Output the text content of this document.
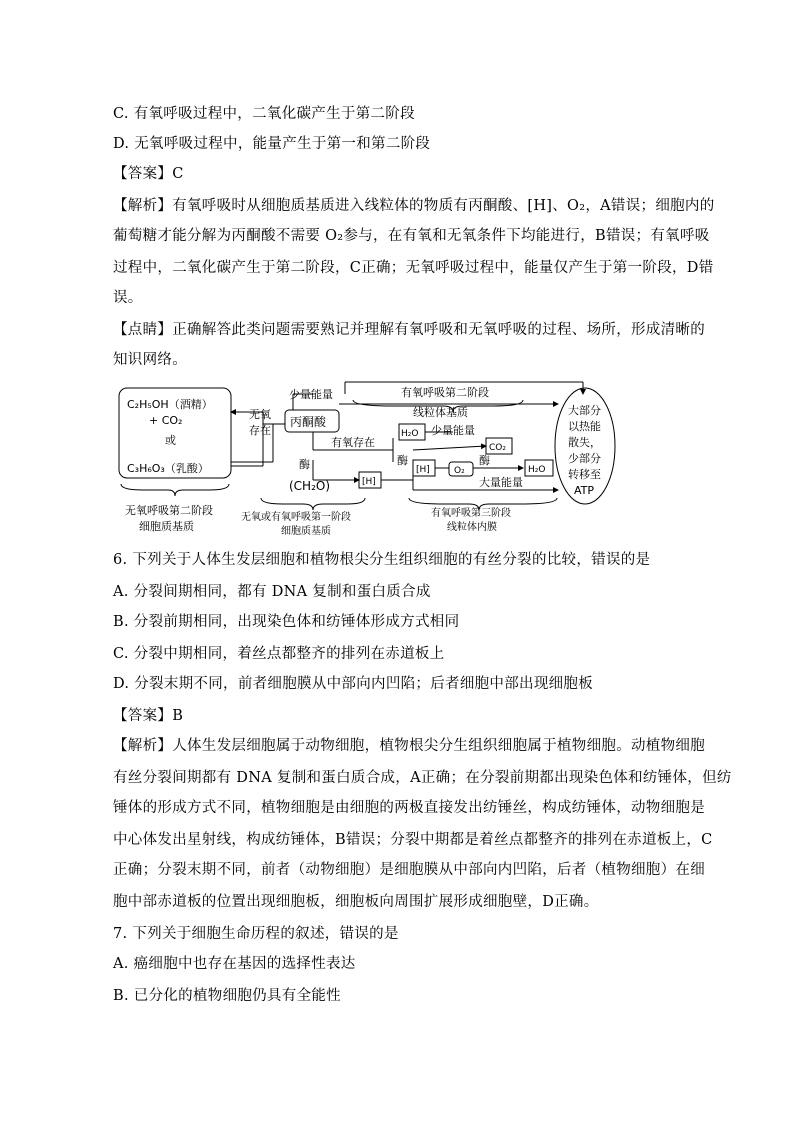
C. 有氧呼吸过程中，二氧化碳产生于第二阶段
D. 无氧呼吸过程中，能量产生于第一和第二阶段
【答案】C
【解析】有氧呼吸时从细胞质基质进入线粒体的物质有丙酮酸、[H]、O₂，A错误；细胞内的
葡萄糖才能分解为丙酮酸不需要 O₂参与，在有氧和无氧条件下均能进行，B错误；有氧呼吸
过程中，二氧化碳产生于第二阶段，C正确；无氧呼吸过程中，能量仅产生于第一阶段，D错
误。
【点睛】正确解答此类问题需要熟记并理解有氧呼吸和无氧呼吸的过程、场所，形成清晰的
知识网络。
C₂H₅OH（酒精）
+ CO₂
或
C₃H₆O₃（乳酸）
无氧呼吸第二阶段
细胞质基质
无氧
存在
少量能量
丙酮酸
有氧呼吸第二阶段
线粒体基质
有氧存在
H₂O 少量能量
CO₂
酶	酶	酶
[H]
[H]	O₂	H₂O
(CH₂O)	大量能量
无氧或有氧呼吸第一阶段
细胞质基质
有氧呼吸第三阶段
线粒体内膜
大部分
以热能
散失，
少部分
转移至
ATP
6. 下列关于人体生发层细胞和植物根尖分生组织细胞的有丝分裂的比较，错误的是
A. 分裂间期相同，都有 DNA 复制和蛋白质合成
B. 分裂前期相同，出现染色体和纺锤体形成方式相同
C. 分裂中期相同，着丝点都整齐的排列在赤道板上
D. 分裂末期不同，前者细胞膜从中部向内凹陷；后者细胞中部出现细胞板
【答案】B
【解析】人体生发层细胞属于动物细胞，植物根尖分生组织细胞属于植物细胞。动植物细胞
有丝分裂间期都有 DNA 复制和蛋白质合成，A正确；在分裂前期都出现染色体和纺锤体，但纺
锤体的形成方式不同，植物细胞是由细胞的两极直接发出纺锤丝，构成纺锤体，动物细胞是
中心体发出星射线，构成纺锤体，B错误；分裂中期都是着丝点都整齐的排列在赤道板上，C
正确；分裂末期不同，前者（动物细胞）是细胞膜从中部向内凹陷，后者（植物细胞）在细
胞中部赤道板的位置出现细胞板，细胞板向周围扩展形成细胞壁，D正确。
7. 下列关于细胞生命历程的叙述，错误的是
A. 癌细胞中也存在基因的选择性表达
B. 已分化的植物细胞仍具有全能性
